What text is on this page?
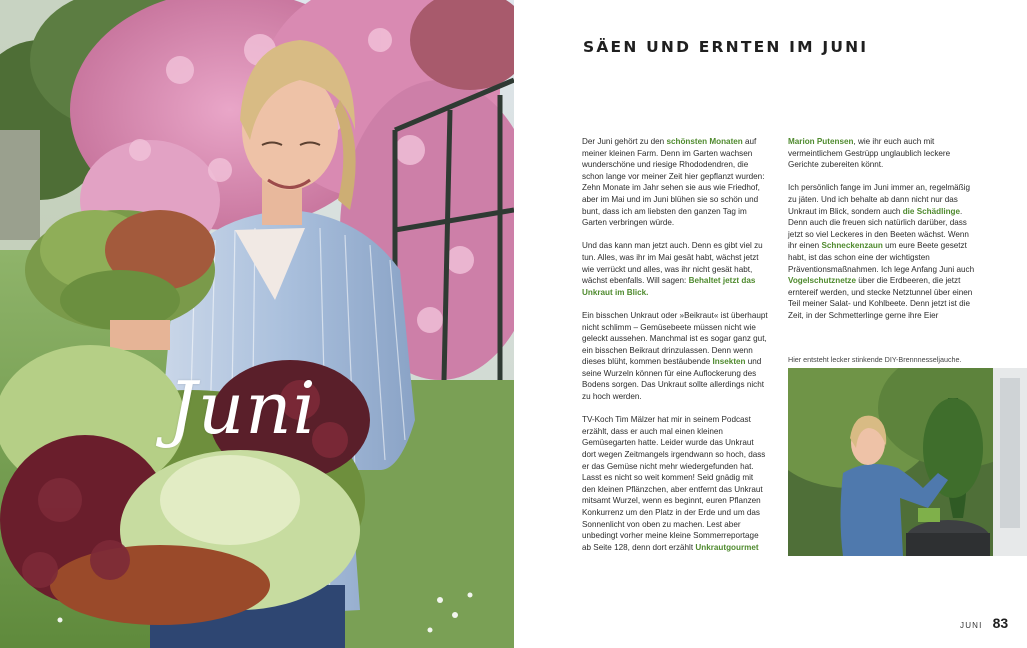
Juni
SÄEN UND ERNTEN IM JUNI

Der Juni gehört zu den schönsten Monaten auf meiner kleinen Farm. Denn im Garten wachsen wunderschöne und riesige Rhododendren, die schon lange vor meiner Zeit hier gepflanzt wurden: Zehn Monate im Jahr sehen sie aus wie Friedhof, aber im Mai und im Juni blühen sie so schön und bunt, dass ich am liebsten den ganzen Tag im Garten verbringen würde.

Und das kann man jetzt auch. Denn es gibt viel zu tun. Alles, was ihr im Mai gesät habt, wächst jetzt wie verrückt und alles, was ihr nicht gesät habt, wächst ebenfalls. Will sagen: Behaltet jetzt das Unkraut im Blick.

Ein bisschen Unkraut oder »Beikraut« ist überhaupt nicht schlimm – Gemüsebeete müssen nicht wie geleckt aussehen. Manchmal ist es sogar ganz gut, ein bisschen Beikraut drinzulassen. Denn wenn dieses blüht, kommen bestäubende Insekten und seine Wurzeln können für eine Auflockerung des Bodens sorgen. Das Unkraut sollte allerdings nicht zu hoch werden.

TV-Koch Tim Mälzer hat mir in seinem Podcast erzählt, dass er auch mal einen kleinen Gemüsegarten hatte. Leider wurde das Unkraut dort wegen Zeitmangels irgendwann so hoch, dass er das Gemüse nicht mehr wiedergefunden hat. Lasst es nicht so weit kommen! Seid gnädig mit den kleinen Pflänzchen, aber entfernt das Unkraut mitsamt Wurzel, wenn es beginnt, euren Pflanzen Konkurrenz um den Platz in der Erde und um das Sonnenlicht von oben zu machen. Lest aber unbedingt vorher meine kleine Sommerreportage ab Seite 128, denn dort erzählt Unkrautgourmet

Marion Putensen, wie ihr euch auch mit vermeintlichem Gestrüpp unglaublich leckere Gerichte zubereiten könnt.

Ich persönlich fange im Juni immer an, regelmäßig zu jäten. Und ich behalte ab dann nicht nur das Unkraut im Blick, sondern auch die Schädlinge. Denn auch die freuen sich natürlich darüber, dass jetzt so viel Leckeres in den Beeten wächst. Wenn ihr einen Schneckenzaun um eure Beete gesetzt habt, ist das schon eine der wichtigsten Präventionsmaßnahmen. Ich lege Anfang Juni auch Vogelschutznetze über die Erdbeeren, die jetzt erntereif werden, und stecke Netztunnel über einen Teil meiner Salat- und Kohlbeete. Denn jetzt ist die Zeit, in der Schmetterlinge gerne ihre Eier

Hier entsteht lecker stinkende DIY-Brennnesseljauche.
JUNI 83
